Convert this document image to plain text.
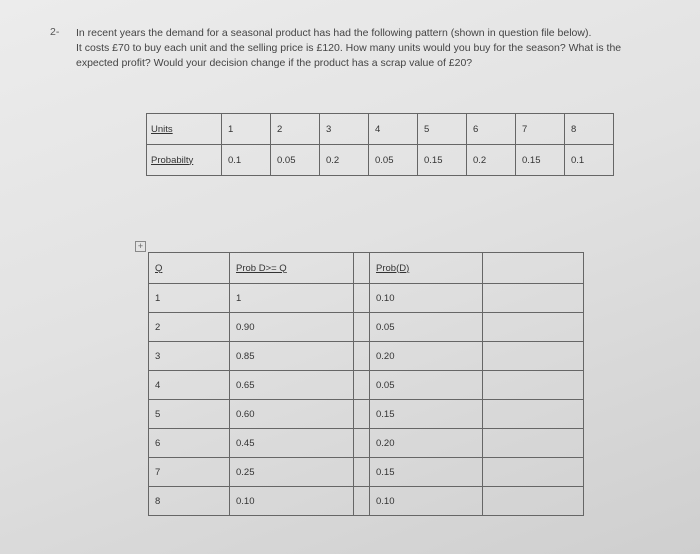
2- In recent years the demand for a seasonal product has had the following pattern (shown in question file below).
It costs £70 to buy each unit and the selling price is £120. How many units would you buy for the season? What is the
expected profit? Would your decision change if the product has a scrap value of £20?
Units	1	2	3	4	5	6	7	8
Probabilty	0.1	0.05	0.2	0.05	0.15	0.2	0.15	0.1
+
Q	Prob D>= Q		Prob(D)	
1	1		0.10	
2	0.90		0.05	
3	0.85		0.20	
4	0.65		0.05	
5	0.60		0.15	
6	0.45		0.20	
7	0.25		0.15	
8	0.10		0.10	
